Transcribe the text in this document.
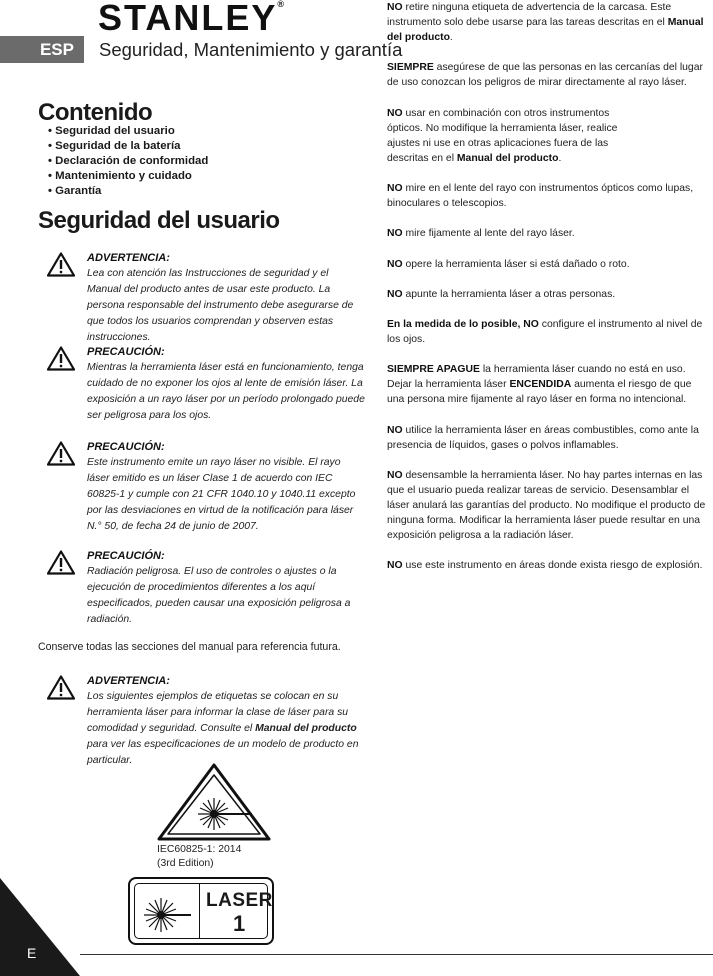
STANLEY®
ESP	Seguridad, Mantenimiento y garantía
Contenido
• Seguridad del usuario
• Seguridad de la batería
• Declaración de conformidad
• Mantenimiento y cuidado
• Garantía
Seguridad del usuario
ADVERTENCIA:
Lea con atención las Instrucciones de seguridad y el Manual del producto antes de usar este producto. La persona responsable del instrumento debe asegurarse de que todos los usuarios comprendan y observen estas instrucciones.
PRECAUCIÓN:
Mientras la herramienta láser está en funcionamiento, tenga cuidado de no exponer los ojos al lente de emisión láser. La exposición a un rayo láser por un período prolongado puede ser peligrosa para los ojos.
PRECAUCIÓN:
Este instrumento emite un rayo láser no visible. El rayo láser emitido es un láser Clase 1 de acuerdo con IEC 60825-1 y cumple con 21 CFR 1040.10 y 1040.11 excepto por las desviaciones en virtud de la notificación para láser N.° 50, de fecha 24 de junio de 2007.
PRECAUCIÓN:
Radiación peligrosa. El uso de controles o ajustes o la ejecución de procedimientos diferentes a los aquí especificados, pueden causar una exposición peligrosa a radiación.
Conserve todas las secciones del manual para referencia futura.
ADVERTENCIA:
Los siguientes ejemplos de etiquetas se colocan en su herramienta láser para informar la clase de láser para su comodidad y seguridad. Consulte el Manual del producto para ver las especificaciones de un modelo de producto en particular.
IEC60825-1: 2014
(3rd Edition)
LASER
1
E

NO retire ninguna etiqueta de advertencia de la carcasa. Este instrumento solo debe usarse para las tareas descritas en el Manual del producto.

SIEMPRE asegúrese de que las personas en las cercanías del lugar de uso conozcan los peligros de mirar directamente al rayo láser.

NO usar en combinación con otros instrumentos ópticos. No modifique la herramienta láser, realice ajustes ni use en otras aplicaciones fuera de las descritas en el Manual del producto.

NO mire en el lente del rayo con instrumentos ópticos como lupas, binoculares o telescopios.

NO mire fijamente al lente del rayo láser.

NO opere la herramienta láser si está dañado o roto.

NO apunte la herramienta láser a otras personas.

En la medida de lo posible, NO configure el instrumento al nivel de los ojos.

SIEMPRE APAGUE la herramienta láser cuando no está en uso. Dejar la herramienta láser ENCENDIDA aumenta el riesgo de que una persona mire fijamente al rayo láser en forma no intencional.

NO utilice la herramienta láser en áreas combustibles, como ante la presencia de líquidos, gases o polvos inflamables.

NO desensamble la herramienta láser. No hay partes internas en las que el usuario pueda realizar tareas de servicio. Desensamblar el láser anulará las garantías del producto. No modifique el producto de ninguna forma. Modificar la herramienta láser puede resultar en una exposición peligrosa a la radiación láser.

NO use este instrumento en áreas donde exista riesgo de explosión.
